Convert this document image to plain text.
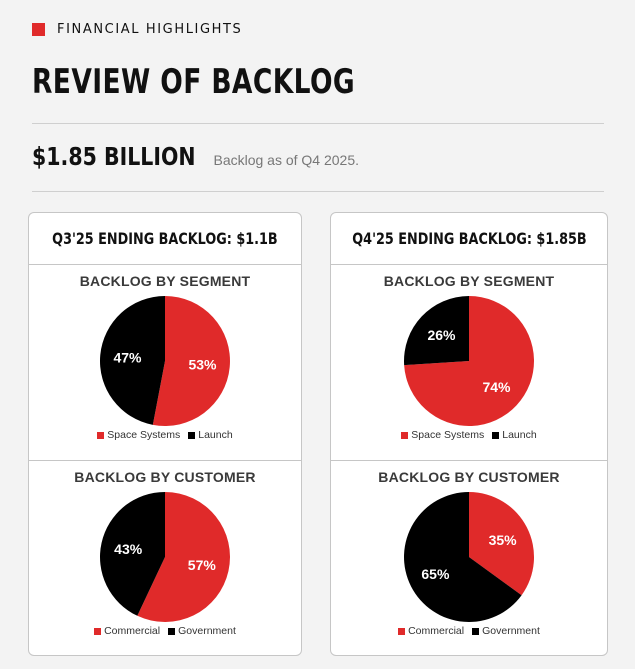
FINANCIAL HIGHLIGHTS
REVIEW OF BACKLOG
$1.85 BILLION Backlog as of Q4 2025.
Q3'25 ENDING BACKLOG: $1.1B
BACKLOG BY SEGMENT
53%
47%
Space Systems Launch
BACKLOG BY CUSTOMER
57%
43%
Commercial Government
Q4'25 ENDING BACKLOG: $1.85B
BACKLOG BY SEGMENT
74%
26%
Space Systems Launch
BACKLOG BY CUSTOMER
35%
65%
Commercial Government
